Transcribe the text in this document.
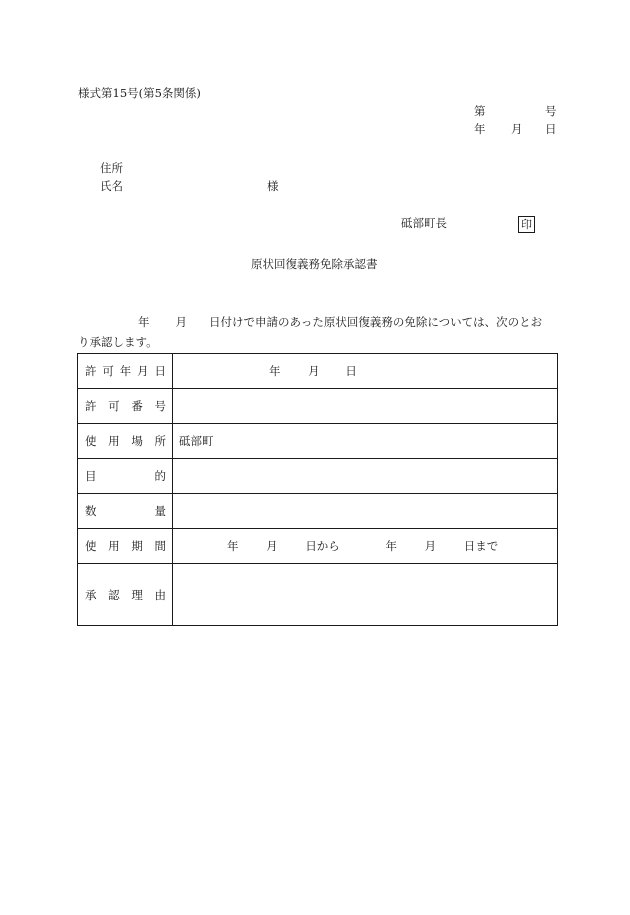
様式第15号(第5条関係)
第	号
年 月 日
住所
氏名	様
砥部町長	印
原状回復義務免除承認書
年 月 日付けで申請のあった原状回復義務の免除については、次のとお
り承認します。
許 可 年 月 日	年 月 日

許 可 番 号	

使 用 場 所	砥部町

目 的	

数 量	

使 用 期 間	年 月 日から 年 月 日まで

承 認 理 由	
